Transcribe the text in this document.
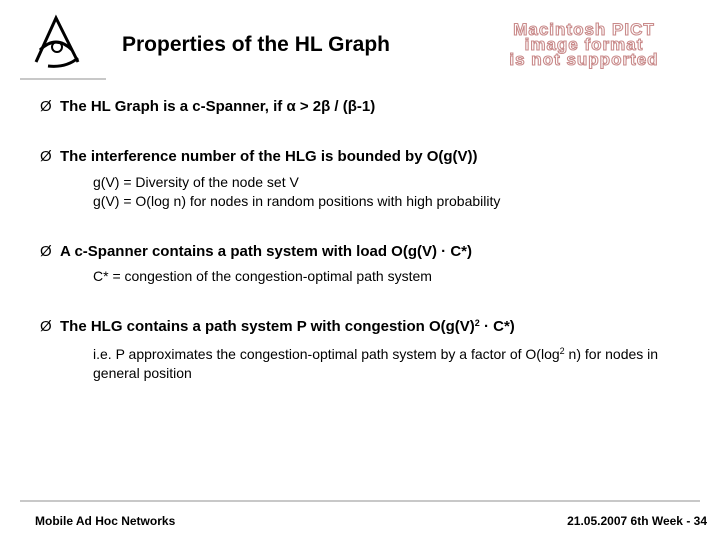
Properties of the HL Graph
Macintosh PICT
image format
is not supported
Ø The HL Graph is a c-Spanner, if α > 2β / (β-1)
Ø The interference number of the HLG is bounded by O(g(V))
g(V) = Diversity of the node set V
g(V) = O(log n) for nodes in random positions with high probability
Ø A c-Spanner contains a path system with load O(g(V) · C*)
C* = congestion of the congestion-optimal path system
Ø The HLG contains a path system P with congestion $O(g(V)^2 \cdot C*)$
i.e. P approximates the congestion-optimal path system by a factor of $O(\log^2$ n) for nodes in general position
Mobile Ad Hoc Networks	21.05.2007 6th Week - 34
